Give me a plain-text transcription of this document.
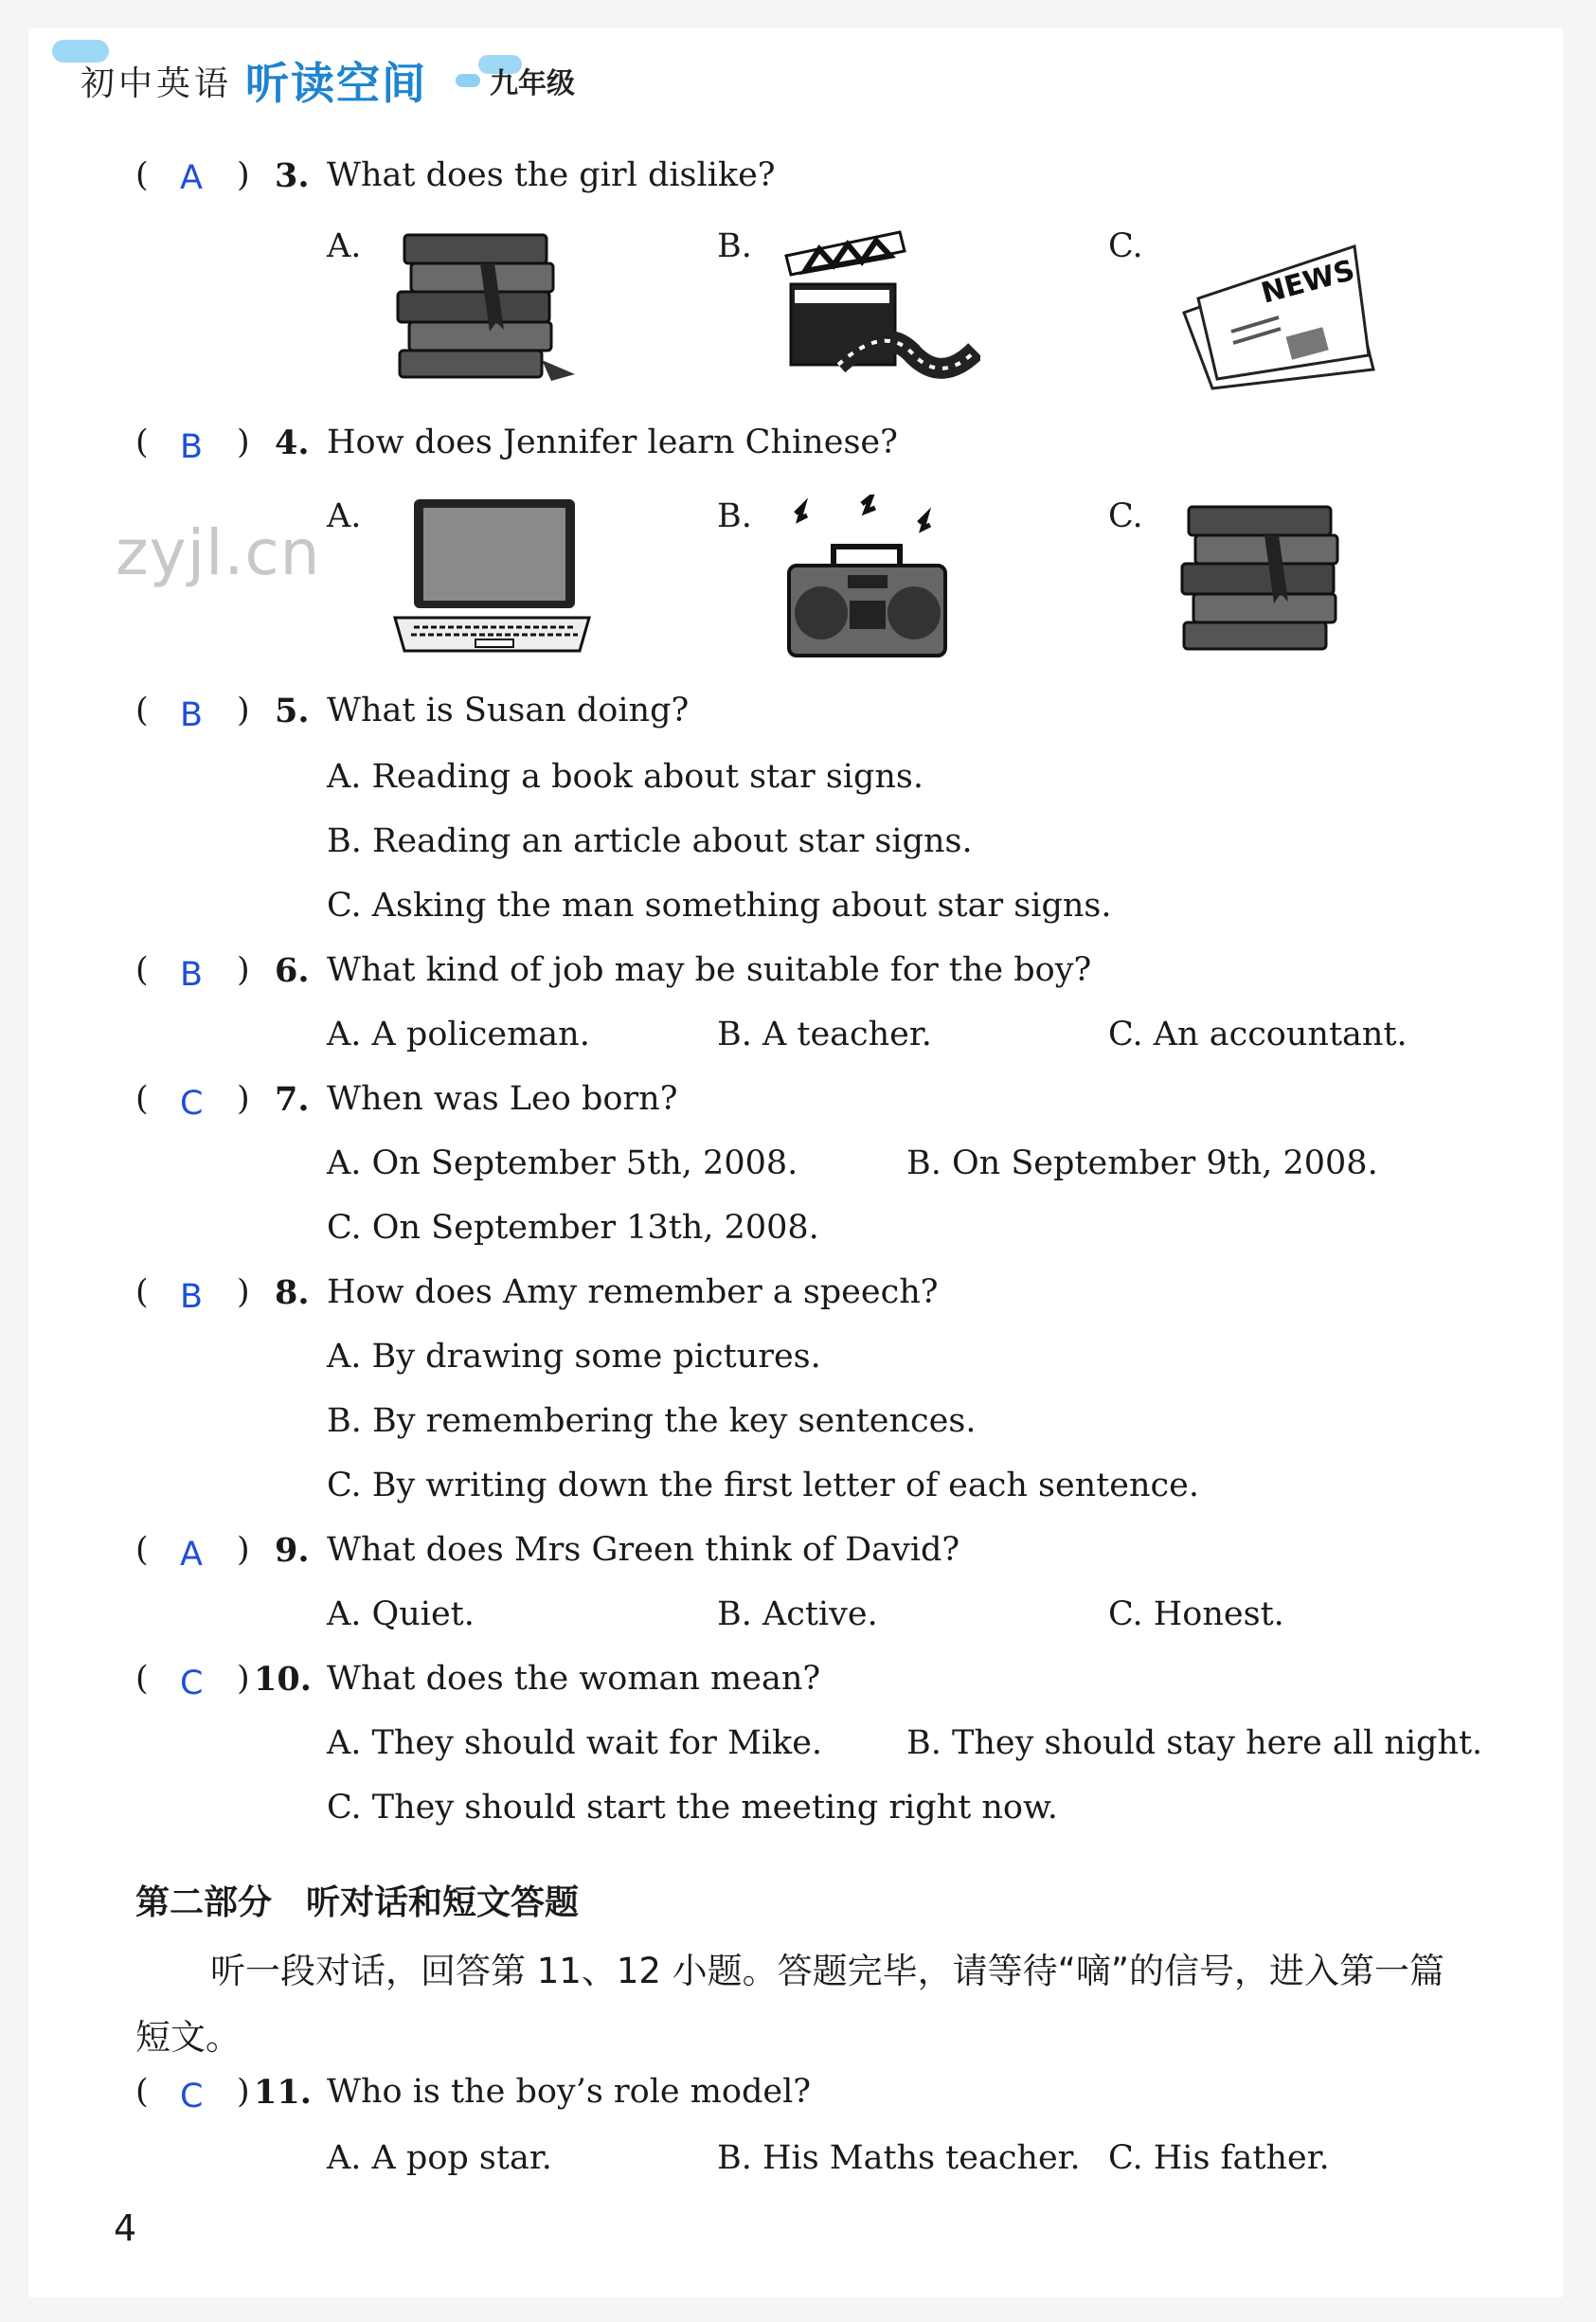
初中英语 听读空间 九年级
zyjl.cn
( A ) 3. What does the girl dislike?
A.	B.	C.
NEWS
( B ) 4. How does Jennifer learn Chinese?
A.	B.	C.
( B ) 5. What is Susan doing?
A. Reading a book about star signs.
B. Reading an article about star signs.
C. Asking the man something about star signs.
( B ) 6. What kind of job may be suitable for the boy?
A. A policeman.	B. A teacher.	C. An accountant.
( C ) 7. When was Leo born?
A. On September 5th, 2008.	B. On September 9th, 2008.
C. On September 13th, 2008.
( B ) 8. How does Amy remember a speech?
A. By drawing some pictures.
B. By remembering the key sentences.
C. By writing down the first letter of each sentence.
( A ) 9. What does Mrs Green think of David?
A. Quiet.	B. Active.	C. Honest.
( C ) 10. What does the woman mean?
A. They should wait for Mike.	B. They should stay here all night.
C. They should start the meeting right now.
第二部分　听对话和短文答题
听一段对话，回答第 11、12 小题。答题完毕，请等待“嘀”的信号，进入第一篇
短文。
( C ) 11. Who is the boy’s role model?
A. A pop star.	B. His Maths teacher. C. His father.
4
